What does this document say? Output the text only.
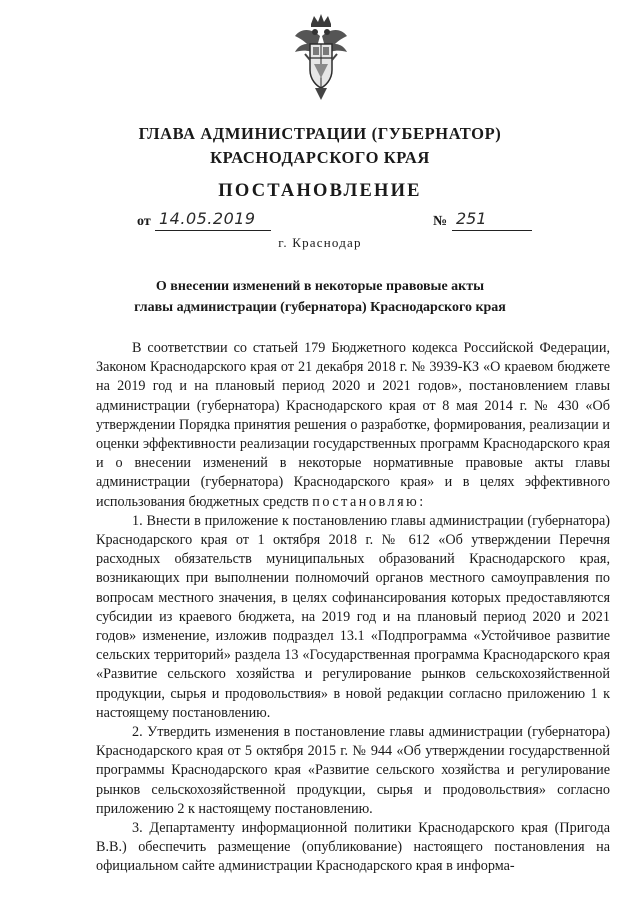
ГЛАВА АДМИНИСТРАЦИИ (ГУБЕРНАТОР)
КРАСНОДАРСКОГО КРАЯ
ПОСТАНОВЛЕНИЕ
от 14.05.2019	№ 251
г. Краснодар
О внесении изменений в некоторые правовые акты
главы администрации (губернатора) Краснодарского края

В соответствии со статьей 179 Бюджетного кодекса Российской Федерации, Законом Краснодарского края от 21 декабря 2018 г. № 3939-КЗ «О краевом бюджете на 2019 год и на плановый период 2020 и 2021 годов», постановлением главы администрации (губернатора) Краснодарского края от 8 мая 2014 г. № 430 «Об утверждении Порядка принятия решения о разработке, формирования, реализации и оценки эффективности реализации государственных программ Краснодарского края и о внесении изменений в некоторые нормативные правовые акты главы администрации (губернатора) Краснодарского края» и в целях эффективного использования бюджетных средств постановляю:

1. Внести в приложение к постановлению главы администрации (губернатора) Краснодарского края от 1 октября 2018 г. № 612 «Об утверждении Перечня расходных обязательств муниципальных образований Краснодарского края, возникающих при выполнении полномочий органов местного самоуправления по вопросам местного значения, в целях софинансирования которых предоставляются субсидии из краевого бюджета, на 2019 год и на плановый период 2020 и 2021 годов» изменение, изложив подраздел 13.1 «Подпрограмма «Устойчивое развитие сельских территорий» раздела 13 «Государственная программа Краснодарского края «Развитие сельского хозяйства и регулирование рынков сельскохозяйственной продукции, сырья и продовольствия» в новой редакции согласно приложению 1 к настоящему постановлению.

2. Утвердить изменения в постановление главы администрации (губернатора) Краснодарского края от 5 октября 2015 г. № 944 «Об утверждении государственной программы Краснодарского края «Развитие сельского хозяйства и регулирование рынков сельскохозяйственной продукции, сырья и продовольствия» согласно приложению 2 к настоящему постановлению.

3. Департаменту информационной политики Краснодарского края (Пригода В.В.) обеспечить размещение (опубликование) настоящего постановления на официальном сайте администрации Краснодарского края в информа-
